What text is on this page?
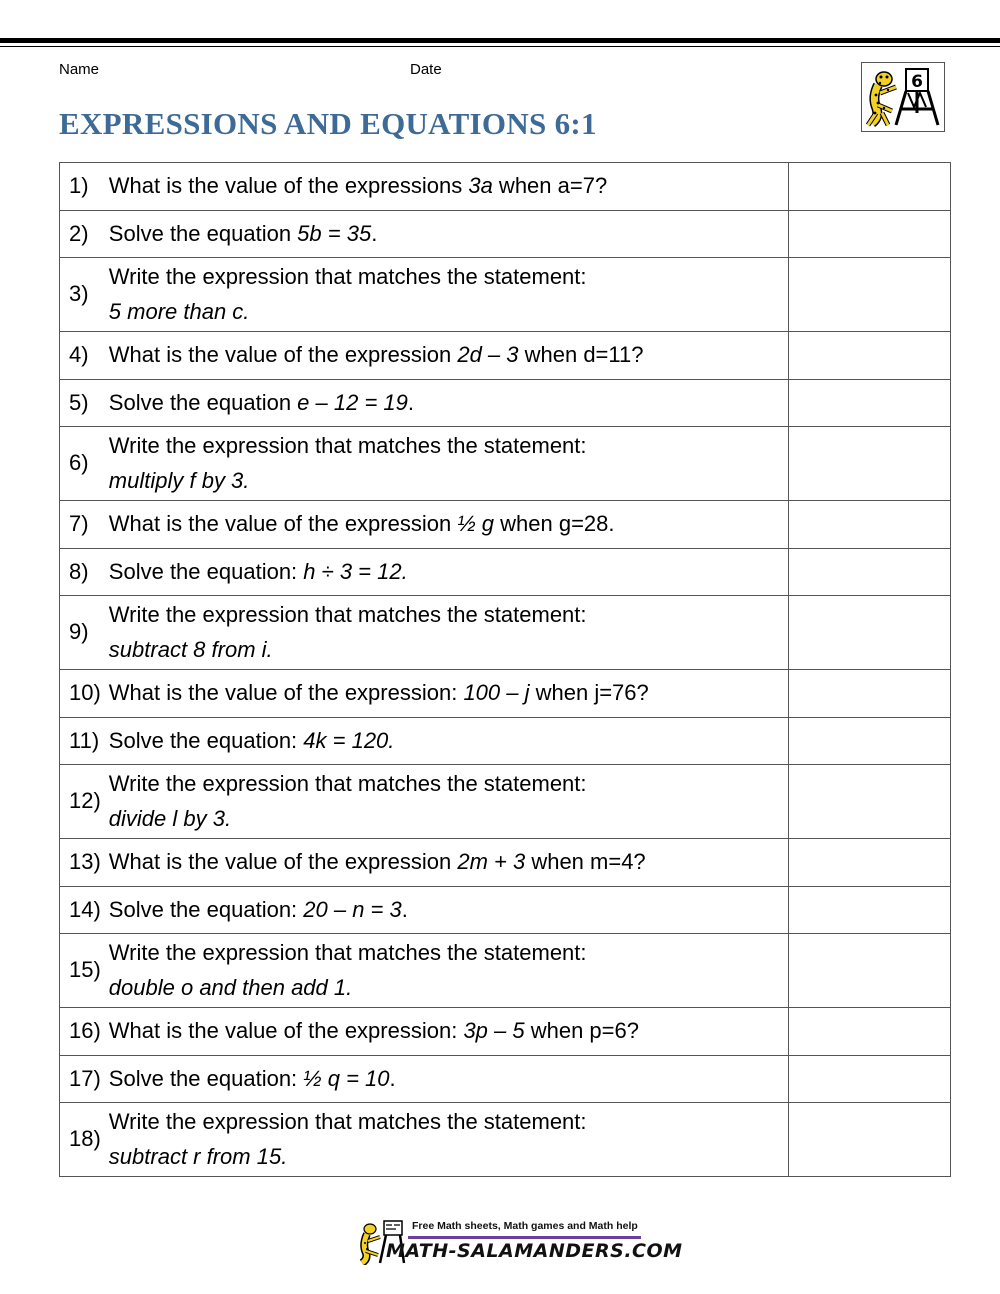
Name	Date
EXPRESSIONS AND EQUATIONS 6:1
6
1)	What is the value of the expressions 3a when a=7?	
2)	Solve the equation 5b = 35.	
3)	Write the expression that matches the statement:
5 more than c.	

4)	What is the value of the expression 2d – 3 when d=11?	
5)	Solve the equation e – 12 = 19.	
6)	Write the expression that matches the statement:
multiply f by 3.	

7)	What is the value of the expression ½ g when g=28.	
8)	Solve the equation: h ÷ 3 = 12.	
9)	Write the expression that matches the statement:
subtract 8 from i.	

10)	What is the value of the expression: 100 – j when j=76?	
11)	Solve the equation: 4k = 120.	
12)	Write the expression that matches the statement:
divide l by 3.	

13)	What is the value of the expression 2m + 3 when m=4?	
14)	Solve the equation: 20 – n = 3.	
15)	Write the expression that matches the statement:
double o and then add 1.	

16)	What is the value of the expression: 3p – 5 when p=6?	
17)	Solve the equation: ½ q = 10.	
18)	Write the expression that matches the statement:
subtract r from 15.	

Free Math sheets, Math games and Math help
MATH-SALAMANDERS.COM
